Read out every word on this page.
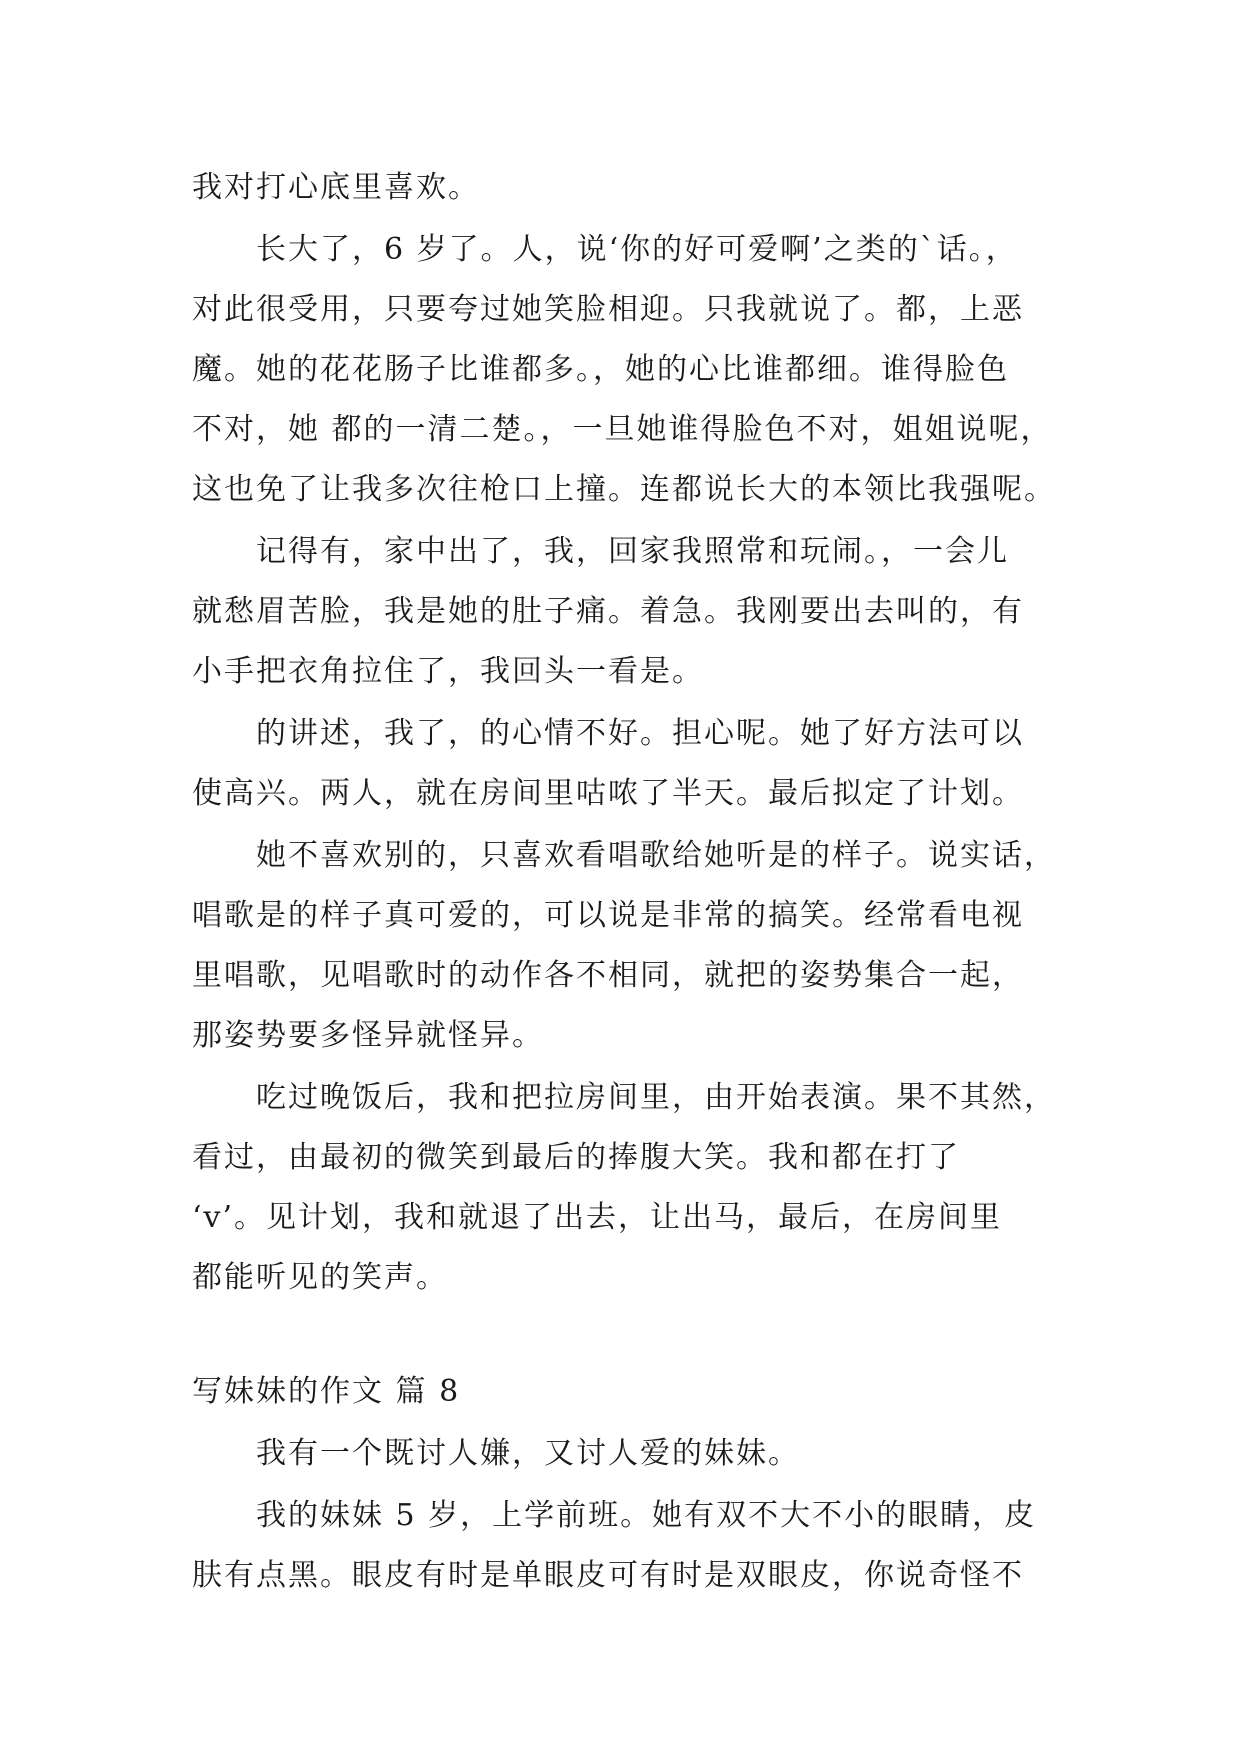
我对打心底里喜欢。
长大了，6 岁了。人，说‘你的好可爱啊’之类的`话。，
对此很受用，只要夸过她笑脸相迎。只我就说了。都，上恶
魔。她的花花肠子比谁都多。，她的心比谁都细。谁得脸色
不对，她 都的一清二楚。，一旦她谁得脸色不对，姐姐说呢，
这也免了让我多次往枪口上撞。连都说长大的本领比我强呢。
记得有，家中出了，我，回家我照常和玩闹。，一会儿
就愁眉苦脸，我是她的肚子痛。着急。我刚要出去叫的，有
小手把衣角拉住了，我回头一看是。
的讲述，我了，的心情不好。担心呢。她了好方法可以
使高兴。两人，就在房间里咕哝了半天。最后拟定了计划。
她不喜欢别的，只喜欢看唱歌给她听是的样子。说实话，
唱歌是的样子真可爱的，可以说是非常的搞笑。经常看电视
里唱歌，见唱歌时的动作各不相同，就把的姿势集合一起，
那姿势要多怪异就怪异。
吃过晚饭后，我和把拉房间里，由开始表演。果不其然，
看过，由最初的微笑到最后的捧腹大笑。我和都在打了
‘v’。见计划，我和就退了出去，让出马，最后，在房间里
都能听见的笑声。
写妹妹的作文 篇 8
我有一个既讨人嫌，又讨人爱的妹妹。
我的妹妹 5 岁，上学前班。她有双不大不小的眼睛，皮
肤有点黑。眼皮有时是单眼皮可有时是双眼皮，你说奇怪不
